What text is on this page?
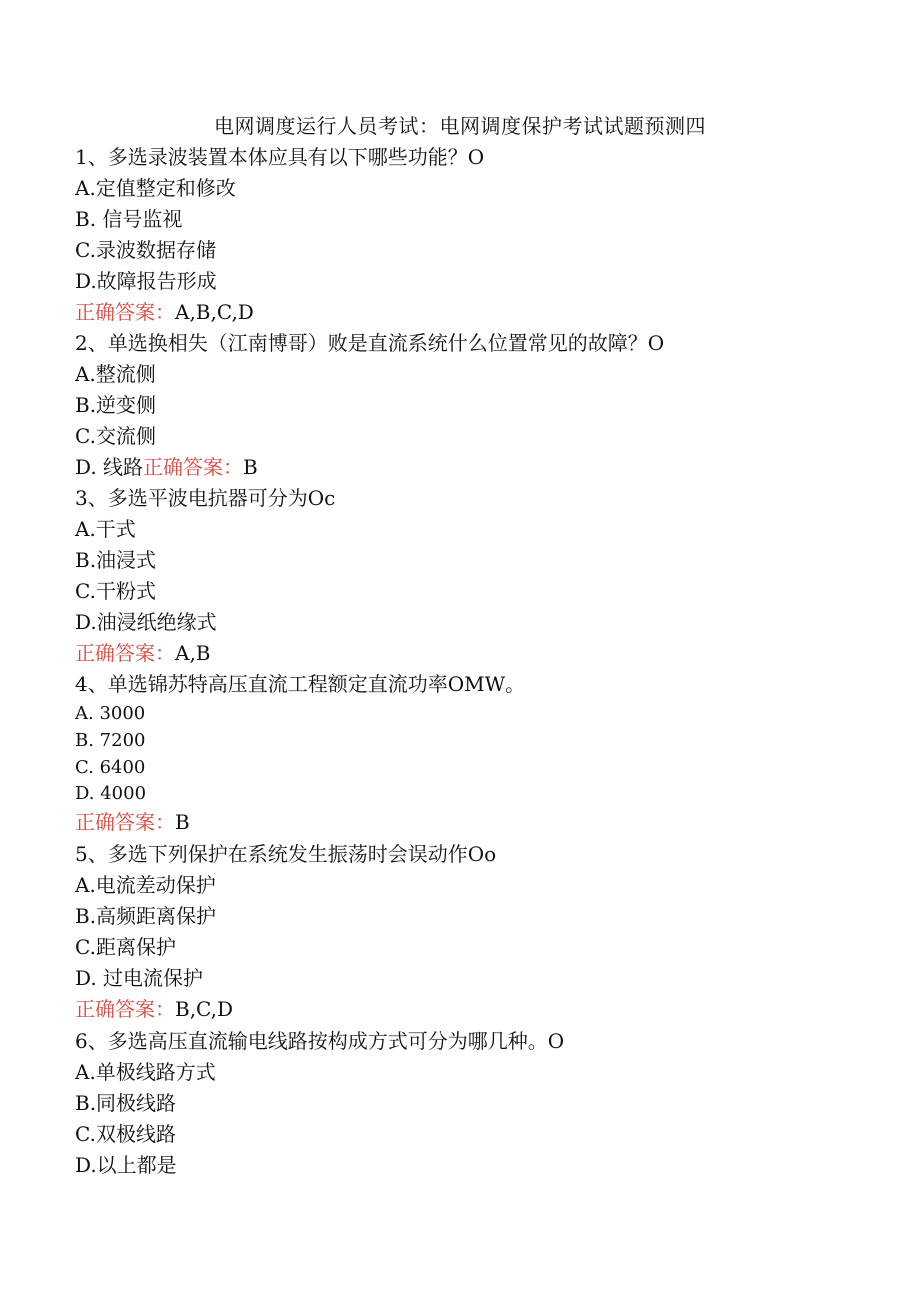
电网调度运行人员考试：电网调度保护考试试题预测四
1、多选录波装置本体应具有以下哪些功能？O
A.定值整定和修改
B. 信号监视
C.录波数据存储
D.故障报告形成
正确答案：A,B,C,D
2、单选换相失（江南博哥）败是直流系统什么位置常见的故障？O
A.整流侧
B.逆变侧
C.交流侧
D. 线路正确答案：B
3、多选平波电抗器可分为Oc
A.干式
B.油浸式
C.干粉式
D.油浸纸绝缘式
正确答案：A,B
4、单选锦苏特高压直流工程额定直流功率OMW。
A. 3000
B. 7200
C. 6400
D. 4000
正确答案：B
5、多选下列保护在系统发生振荡时会误动作Oo
A.电流差动保护
B.高频距离保护
C.距离保护
D. 过电流保护
正确答案：B,C,D
6、多选高压直流输电线路按构成方式可分为哪几种。O
A.单极线路方式
B.同极线路
C.双极线路
D.以上都是
